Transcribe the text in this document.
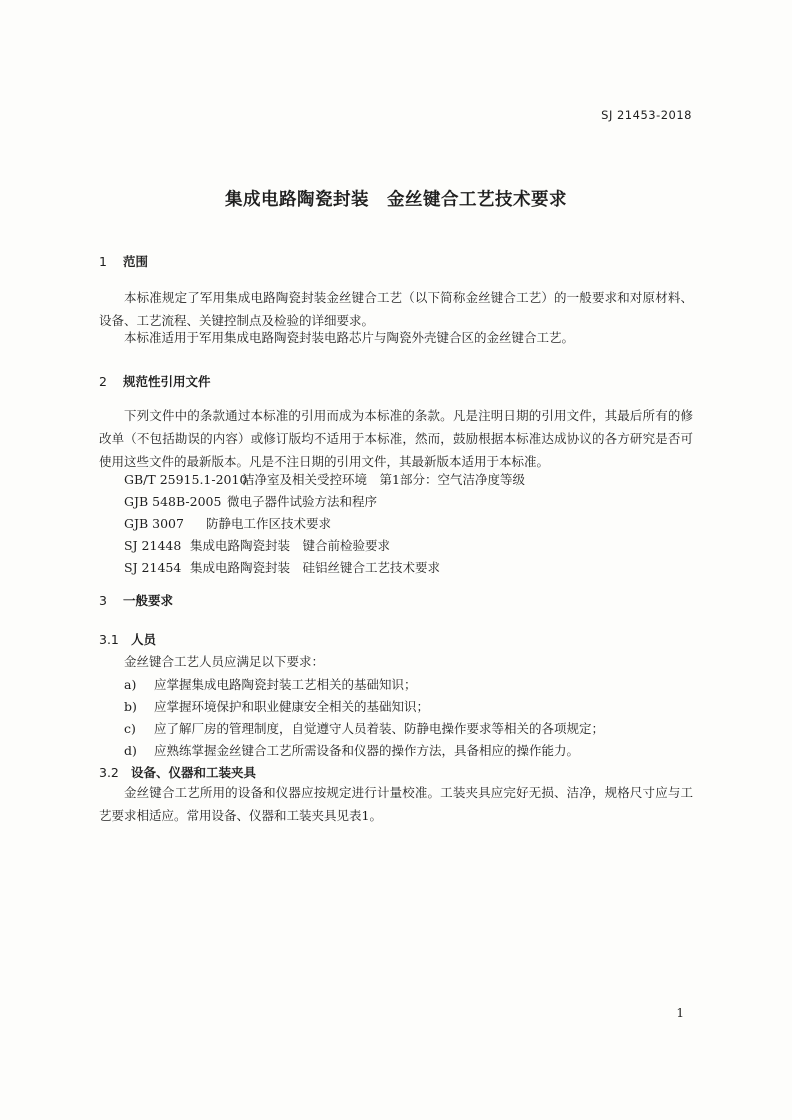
SJ 21453-2018
集成电路陶瓷封装　金丝键合工艺技术要求
1 范围
本标准规定了军用集成电路陶瓷封装金丝键合工艺（以下简称金丝键合工艺）的一般要求和对原材料、设备、工艺流程、关键控制点及检验的详细要求。
本标准适用于军用集成电路陶瓷封装电路芯片与陶瓷外壳键合区的金丝键合工艺。
2 规范性引用文件
下列文件中的条款通过本标准的引用而成为本标准的条款。凡是注明日期的引用文件，其最后所有的修改单（不包括勘误的内容）或修订版均不适用于本标准，然而，鼓励根据本标准达成协议的各方研究是否可使用这些文件的最新版本。凡是不注日期的引用文件，其最新版本适用于本标准。
GB/T 25915.1-2010洁净室及相关受控环境　第1部分：空气洁净度等级
GJB 548B-2005 微电子器件试验方法和程序
GJB 3007 防静电工作区技术要求
SJ 21448 集成电路陶瓷封装　键合前检验要求
SJ 21454 集成电路陶瓷封装　硅铝丝键合工艺技术要求
3 一般要求
3.1 人员
金丝键合工艺人员应满足以下要求：
a) 应掌握集成电路陶瓷封装工艺相关的基础知识；
b) 应掌握环境保护和职业健康安全相关的基础知识；
c) 应了解厂房的管理制度，自觉遵守人员着装、防静电操作要求等相关的各项规定；
d) 应熟练掌握金丝键合工艺所需设备和仪器的操作方法，具备相应的操作能力。
3.2 设备、仪器和工装夹具
金丝键合工艺所用的设备和仪器应按规定进行计量校准。工装夹具应完好无损、洁净，规格尺寸应与工艺要求相适应。常用设备、仪器和工装夹具见表1。
1
